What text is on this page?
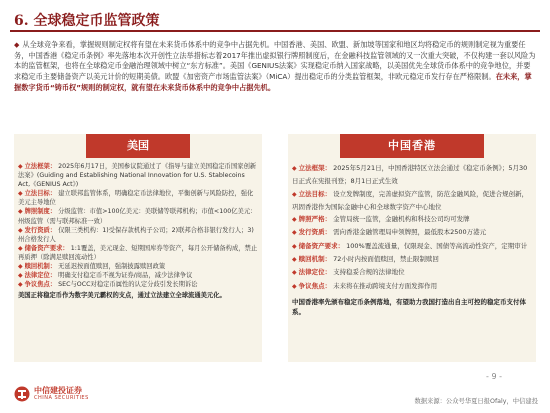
6. 全球稳定币监管政策
◆ 从全球竞争来看，掌握规则制定权将有望在未来货币体系中的竞争中占据先机。中国香港、美国、欧盟、新加坡等国家和地区均将稳定币的规则制定视为重要任务，中国香港《稳定币条例》率先落地本次开创性立法举措标志着2017年推出虚拟银行牌照制度后，在金融科技监管领域的又一次重大突破，不仅构建一套以风险为本的监管框架，也将在全球稳定币金融治理领域中树立“东方标准”。美国《GENIUS法案》实现稳定币纳入国家战略，以美国优先全球货币体系中的竞争地位，并要求稳定币主要储备资产以美元计价的短期美债。欧盟《加密资产市场监管法案》（MiCA）提出稳定币的分类监管框架，非欧元稳定币发行存在严格限制。在未来，掌握数字货币“铸币权”规则的制定权，就有望在未来货币体系中的竞争中占据先机。
美国
◆ 立法框架： 2025年6月17日，美国参议院通过了《指导与建立美国稳定币国家创新法案》(Guiding and Establishing National Innovation for U.S. Stablecoins Act,《GENIUS Act》)
◆ 立法目标： 建立联邦监管体系，明确稳定币法律地位，平衡创新与风险防控，强化美元主导地位
◆ 牌照制度： 分级监管：市值>100亿美元：美联储等联邦机构；市值<100亿美元：州级监管（需与联邦标准一致）
◆ 发行资质： 仅限三类机构：1)受保存款机构子公司；2)联邦合格非银行发行人；3)州合格发行人
◆ 储备资产要求： 1:1覆盖，美元现金、短期国库券等资产，每月公开储备构成，禁止再质押（除满足赎回流动性）
◆ 赎回机制： 无延迟按面值赎回，强制披露赎回政策
◆ 法律定位： 明确支付稳定币不视为证券/商品，减少法律争议
◆ 争议焦点： SEC与OCC对稳定币属性的认定分歧引发长期诉讼
美国正将稳定币作为数字美元霸权的支点，通过立法建立全球流通美元化。
中国香港
◆ 立法框架： 2025年5月21日，中国香港特区立法会通过《稳定币条例》；5月30日正式在宪报刊登；8月1日正式生效
◆ 立法目标： 设立发牌制度，完善虚拟资产监管，防范金融风险，促进合规创新，巩固香港作为国际金融中心和全球数字资产中心地位
◆ 牌照严格： 金管局统一监管，金融机构和科技公司均可发牌
◆ 发行资质： 需向香港金融管理局申领牌照，最低股本2500万港元
◆ 储备资产要求： 100%覆盖流通量，仅限现金、国债等高流动性资产，定期审计
◆ 赎回机制： 72小时内按面值赎回，禁止限制赎回
◆ 法律定位： 支持稳妥合规的法律地位
◆ 争议焦点： 未来将在推动跨境支付方面发挥作用
中国香港率先颁布稳定币条例落地，有望助力我国打造出自主可控的稳定币支付体系。
中信建投证券
CHINA SECURITIES
- 9 -
数据来源：公众号华夏日报Ofaly，中信建投
